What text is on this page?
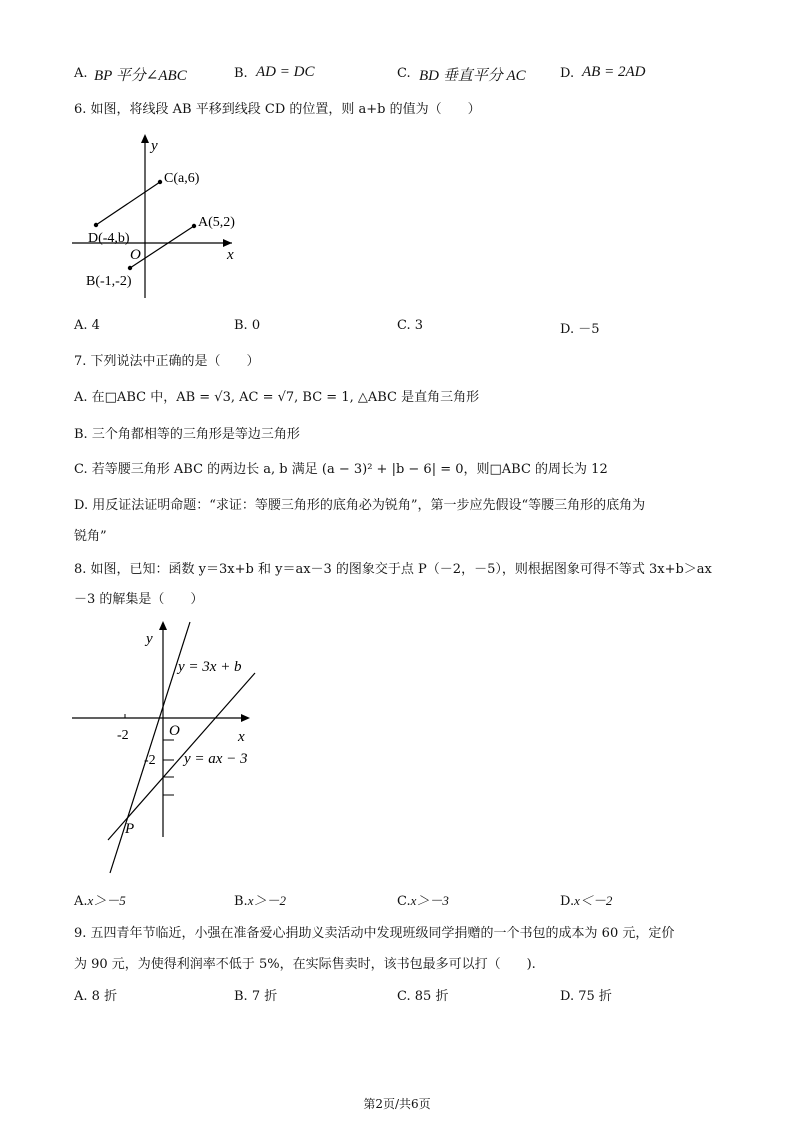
A. BP 平分∠ABC	B. AD = DC	C. BD 垂直平分 AC	D. AB = 2AD
6. 如图，将线段 AB 平移到线段 CD 的位置，则 a+b 的值为（　　）
y
x
O
C(a,6)
A(5,2)
D(-4,b)
B(-1,-2)
A. 4	B. 0	C. 3	D. －5
7. 下列说法中正确的是（　　）
A. 在□ABC 中，AB = √3, AC = √7, BC = 1, △ABC 是直角三角形
B. 三个角都相等的三角形是等边三角形
C. 若等腰三角形 ABC 的两边长 a, b 满足 (a − 3)² + |b − 6| = 0，则□ABC 的周长为 12
D. 用反证法证明命题：“求证：等腰三角形的底角必为锐角”，第一步应先假设“等腰三角形的底角为
锐角”
8. 如图，已知：函数 y＝3x+b 和 y＝ax－3 的图象交于点 P（－2，－5），则根据图象可得不等式 3x+b＞ax
－3 的解集是（　　）
y
x
O
-2
-2
y = 3x + b
y = ax − 3
P
A.x＞－5	B.x＞－2	C.x＞－3	D.x＜－2
9. 五四青年节临近，小强在准备爱心捐助义卖活动中发现班级同学捐赠的一个书包的成本为 60 元，定价
为 90 元，为使得利润率不低于 5%，在实际售卖时，该书包最多可以打（　　).
A. 8 折	B. 7 折	C. 85 折	D. 75 折
第2页/共6页
